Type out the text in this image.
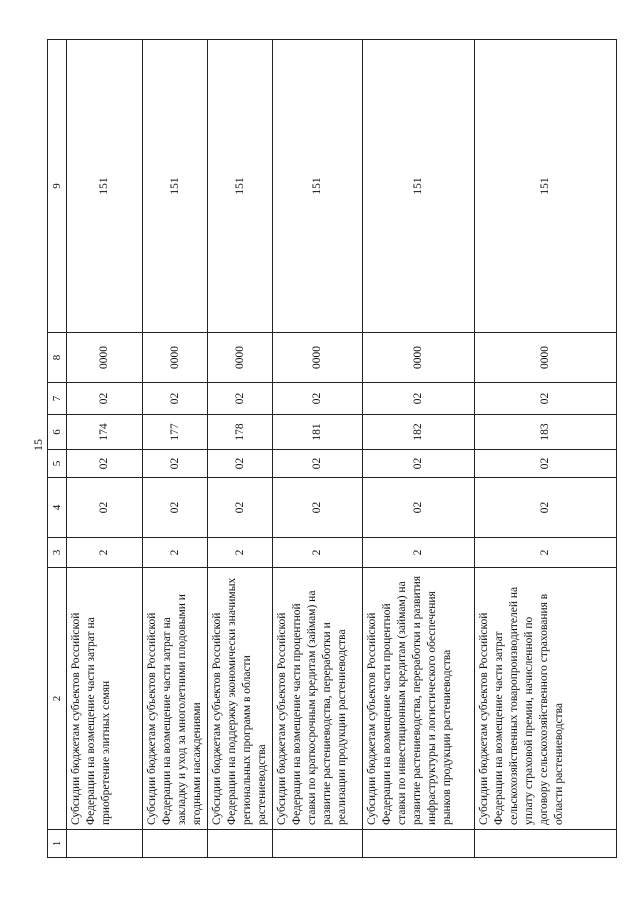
15
1	2	3	4	5	6	7	8	9
	Субсидии бюджетам субъектов Российской Федерации на возмещение части затрат на приобретение элитных семян	2	02	02	174	02	0000	151
	Субсидии бюджетам субъектов Российской Федерации на возмещение части затрат на закладку и уход за многолетними плодовыми и ягодными насаждениями	2	02	02	177	02	0000	151
	Субсидии бюджетам субъектов Российской Федерации на поддержку экономически значимых региональных программ в области растениеводства	2	02	02	178	02	0000	151
	Субсидии бюджетам субъектов Российской Федерации на возмещение части процентной ставки по краткосрочным кредитам (займам) на развитие растениеводства, переработки и реализации продукции растениеводства	2	02	02	181	02	0000	151
	Субсидии бюджетам субъектов Российской Федерации на возмещение части процентной ставки по инвестиционным кредитам (займам) на развитие растениеводства, переработки и развития инфраструктуры и логистического обеспечения рынков продукции растениеводства	2	02	02	182	02	0000	151
	Субсидии бюджетам субъектов Российской Федерации на возмещение части затрат сельскохозяйственных товаропроизводителей на уплату страховой премии, начисленной по договору сельскохозяйственного страхования в области растениеводства	2	02	02	183	02	0000	151
